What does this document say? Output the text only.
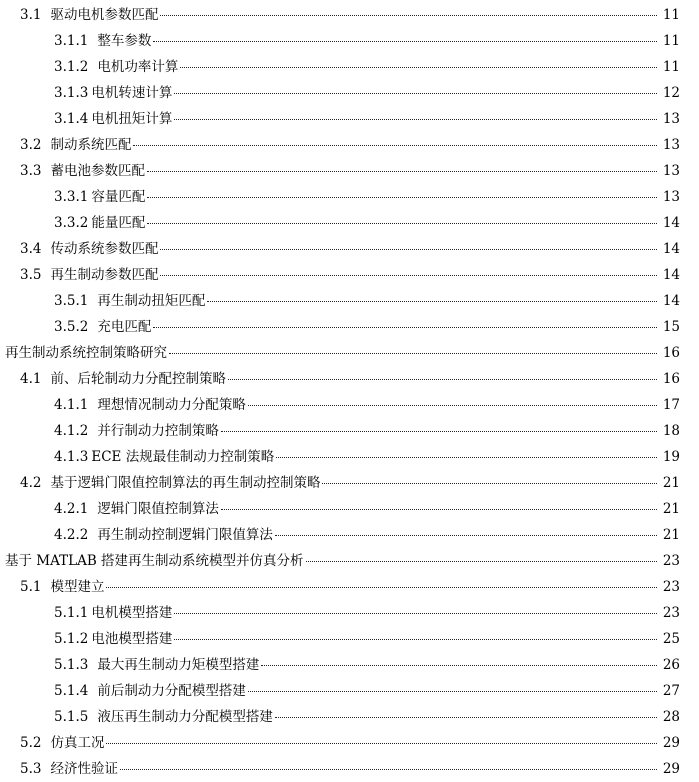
3.1 驱动电机参数匹配	11
3.1.1 整车参数	11
3.1.2 电机功率计算	11
3.1.3 电机转速计算	12
3.1.4 电机扭矩计算	13
3.2 制动系统匹配	13
3.3 蓄电池参数匹配	13
3.3.1 容量匹配	13
3.3.2 能量匹配	14
3.4 传动系统参数匹配	14
3.5 再生制动参数匹配	14
3.5.1 再生制动扭矩匹配	14
3.5.2 充电匹配	15
再生制动系统控制策略研究	16
4.1 前、后轮制动力分配控制策略	16
4.1.1 理想情况制动力分配策略	17
4.1.2 并行制动力控制策略	18
4.1.3 ECE 法规最佳制动力控制策略	19
4.2 基于逻辑门限值控制算法的再生制动控制策略	21
4.2.1 逻辑门限值控制算法	21
4.2.2 再生制动控制逻辑门限值算法	21
基于 MATLAB 搭建再生制动系统模型并仿真分析	23
5.1 模型建立	23
5.1.1 电机模型搭建	23
5.1.2 电池模型搭建	25
5.1.3 最大再生制动力矩模型搭建	26
5.1.4 前后制动力分配模型搭建	27
5.1.5 液压再生制动力分配模型搭建	28
5.2 仿真工况	29
5.3 经济性验证	29
